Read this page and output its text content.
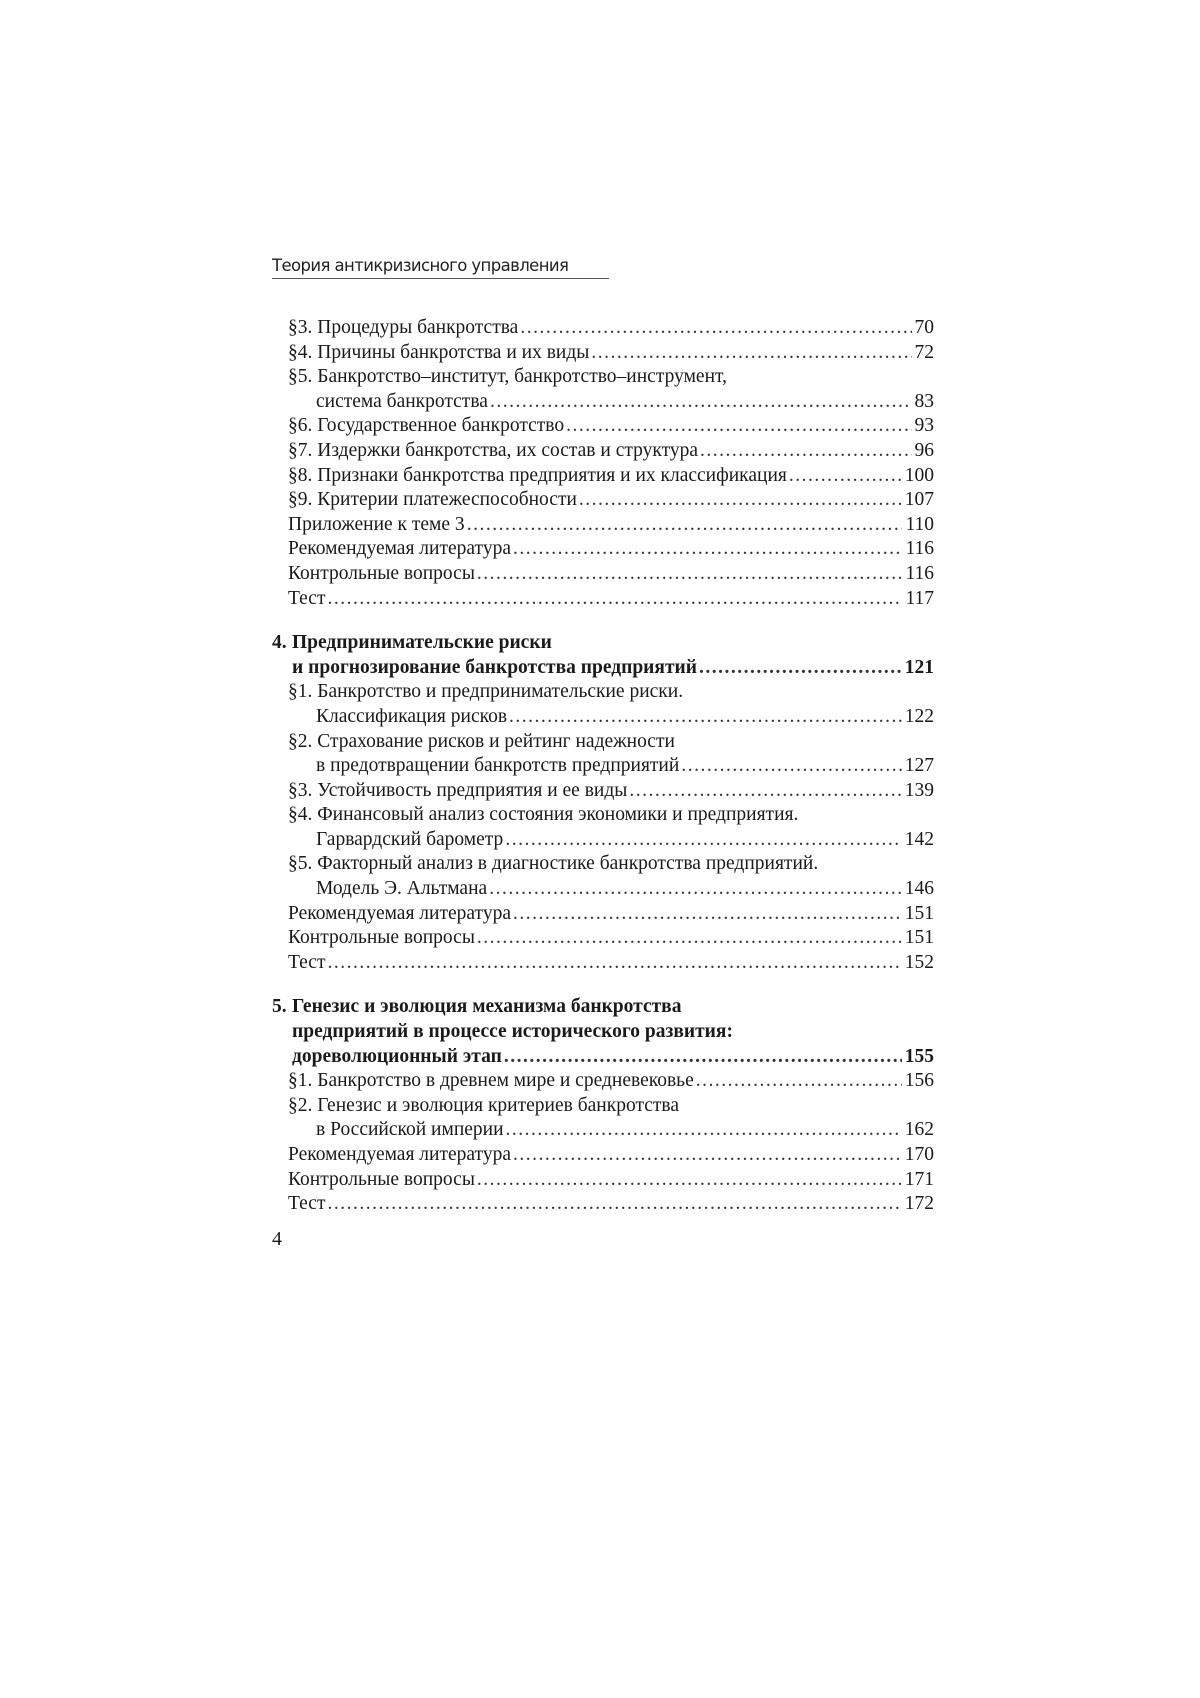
Теория антикризисного управления
§3. Процедуры банкротства .....	70
§4. Причины банкротства и их виды .....	72
§5. Банкротство–институт, банкротство–инструмент,
система банкротства .....	83
§6. Государственное банкротство .....	93
§7. Издержки банкротства, их состав и структура .....	96
§8. Признаки банкротства предприятия и их классификация .....	100
§9. Критерии платежеспособности .....	107
Приложение к теме 3 .....	110
Рекомендуемая литература .....	116
Контрольные вопросы .....	116
Тест .....	117
4. Предпринимательские риски
и прогнозирование банкротства предприятий .....	121
§1. Банкротство и предпринимательские риски.
Классификация рисков .....	122
§2. Страхование рисков и рейтинг надежности
в предотвращении банкротств предприятий .....	127
§3. Устойчивость предприятия и ее виды .....	139
§4. Финансовый анализ состояния экономики и предприятия.
Гарвардский барометр .....	142
§5. Факторный анализ в диагностике банкротства предприятий.
Модель Э. Альтмана .....	146
Рекомендуемая литература .....	151
Контрольные вопросы .....	151
Тест .....	152
5. Генезис и эволюция механизма банкротства
предприятий в процессе исторического развития:
дореволюционный этап .....	155
§1. Банкротство в древнем мире и средневековье .....	156
§2. Генезис и эволюция критериев банкротства
в Российской империи .....	162
Рекомендуемая литература .....	170
Контрольные вопросы .....	171
Тест .....	172
4
